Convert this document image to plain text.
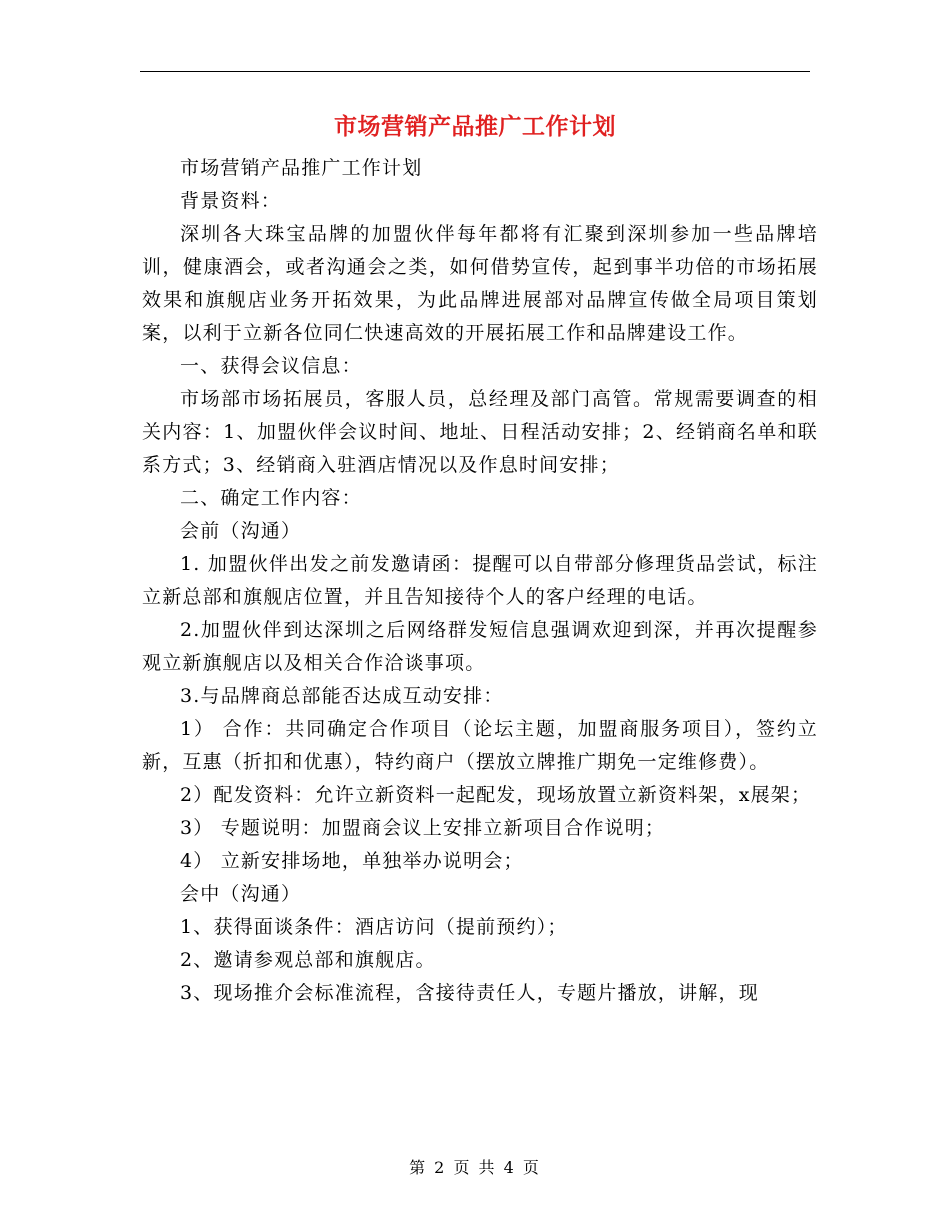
市场营销产品推广工作计划

市场营销产品推广工作计划

背景资料：

深圳各大珠宝品牌的加盟伙伴每年都将有汇聚到深圳参加一些品牌培训，健康酒会，或者沟通会之类，如何借势宣传，起到事半功倍的市场拓展效果和旗舰店业务开拓效果，为此品牌进展部对品牌宣传做全局项目策划案，以利于立新各位同仁快速高效的开展拓展工作和品牌建设工作。

一、获得会议信息：

市场部市场拓展员，客服人员，总经理及部门高管。常规需要调查的相关内容：1、加盟伙伴会议时间、地址、日程活动安排；2、经销商名单和联系方式；3、经销商入驻酒店情况以及作息时间安排；

二、确定工作内容：

会前（沟通）

1. 加盟伙伴出发之前发邀请函：提醒可以自带部分修理货品尝试，标注立新总部和旗舰店位置，并且告知接待个人的客户经理的电话。

2.加盟伙伴到达深圳之后网络群发短信息强调欢迎到深，并再次提醒参观立新旗舰店以及相关合作洽谈事项。

3.与品牌商总部能否达成互动安排：

1） 合作：共同确定合作项目（论坛主题，加盟商服务项目），签约立新，互惠（折扣和优惠），特约商户（摆放立牌推广期免一定维修费）。

2）配发资料：允许立新资料一起配发，现场放置立新资料架，x展架；

3） 专题说明：加盟商会议上安排立新项目合作说明；

4） 立新安排场地，单独举办说明会；

会中（沟通）

1、获得面谈条件：酒店访问（提前预约）；

2、邀请参观总部和旗舰店。

3、现场推介会标准流程，含接待责任人，专题片播放，讲解，现

第 2 页 共 4 页
